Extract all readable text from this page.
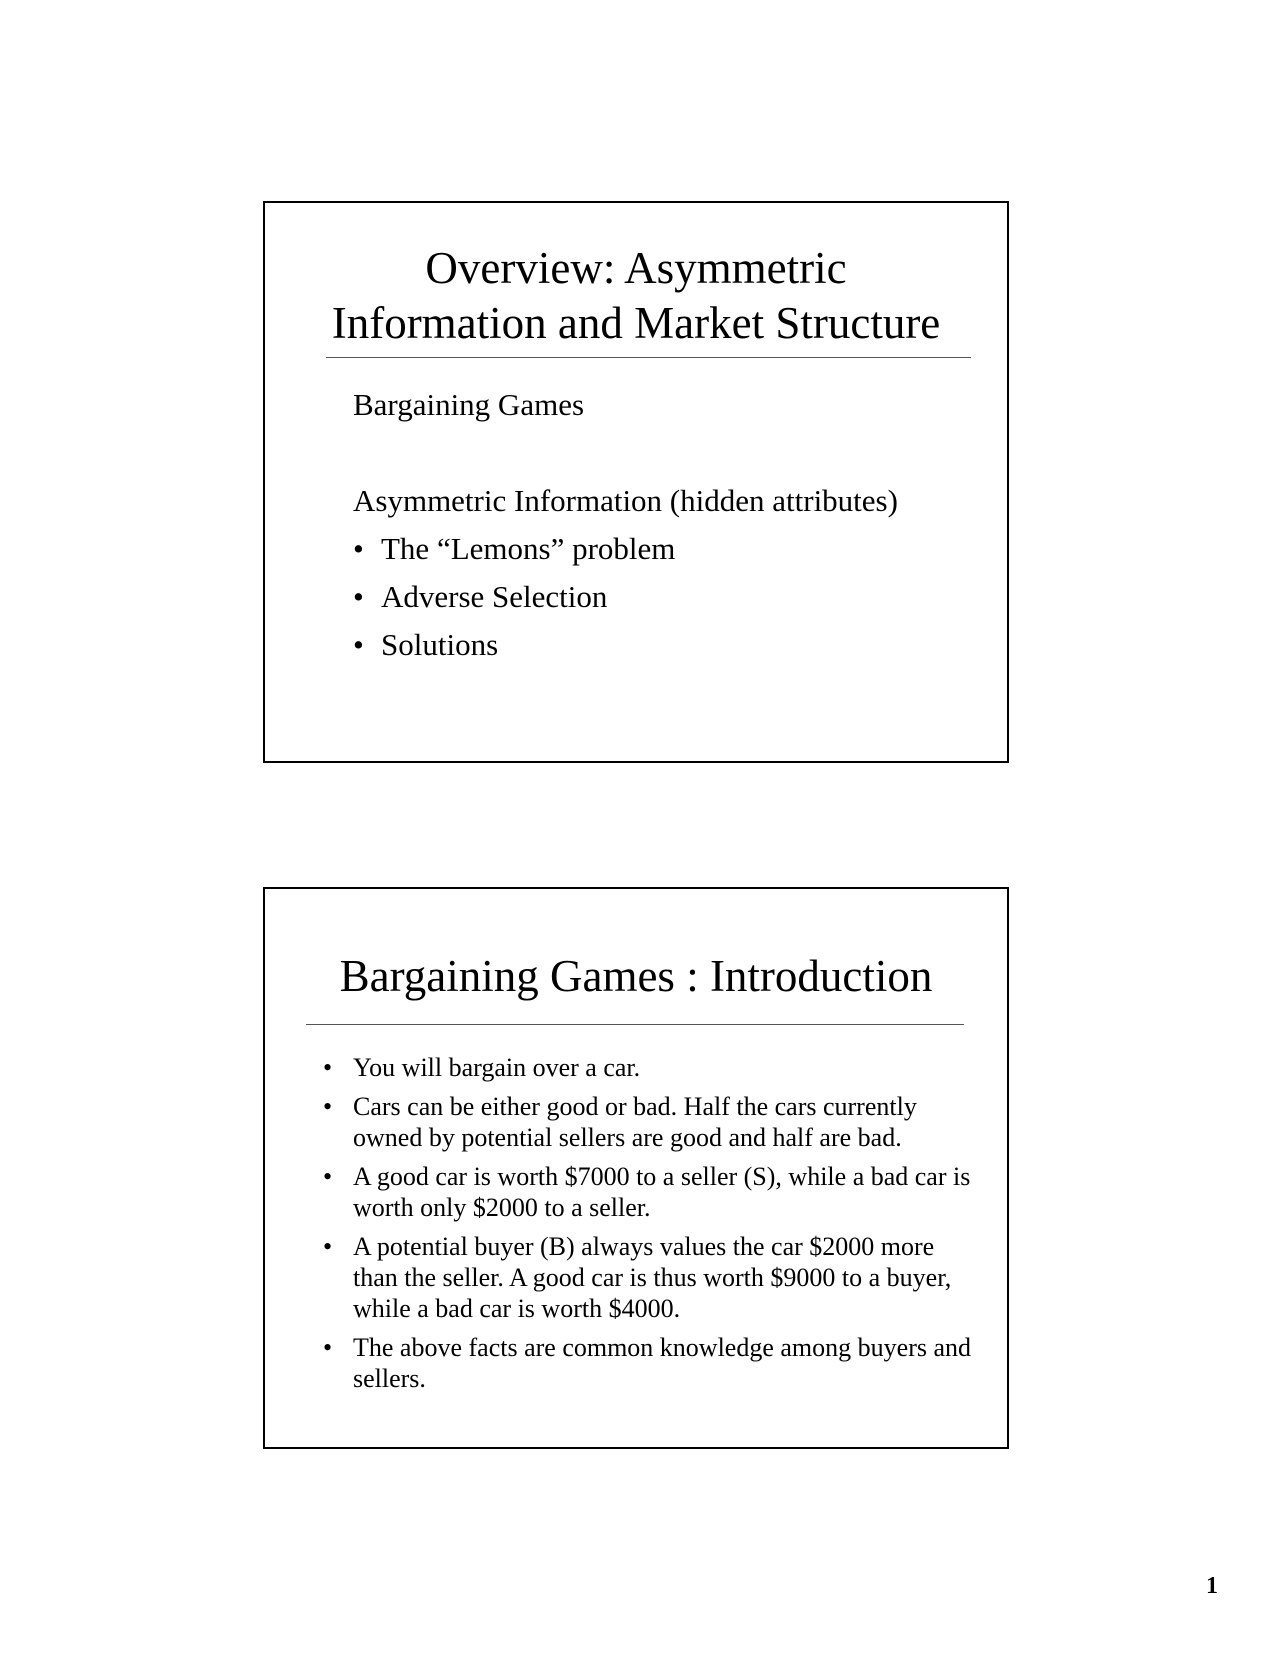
Overview: Asymmetric
Information and Market Structure
Bargaining Games
Asymmetric Information (hidden attributes)
• The “Lemons” problem
• Adverse Selection
• Solutions
Bargaining Games : Introduction
• You will bargain over a car.
• Cars can be either good or bad. Half the cars currently owned by potential sellers are good and half are bad.
• A good car is worth $7000 to a seller (S), while a bad car is worth only $2000 to a seller.
• A potential buyer (B) always values the car $2000 more than the seller. A good car is thus worth $9000 to a buyer, while a bad car is worth $4000.
• The above facts are common knowledge among buyers and sellers.
1
